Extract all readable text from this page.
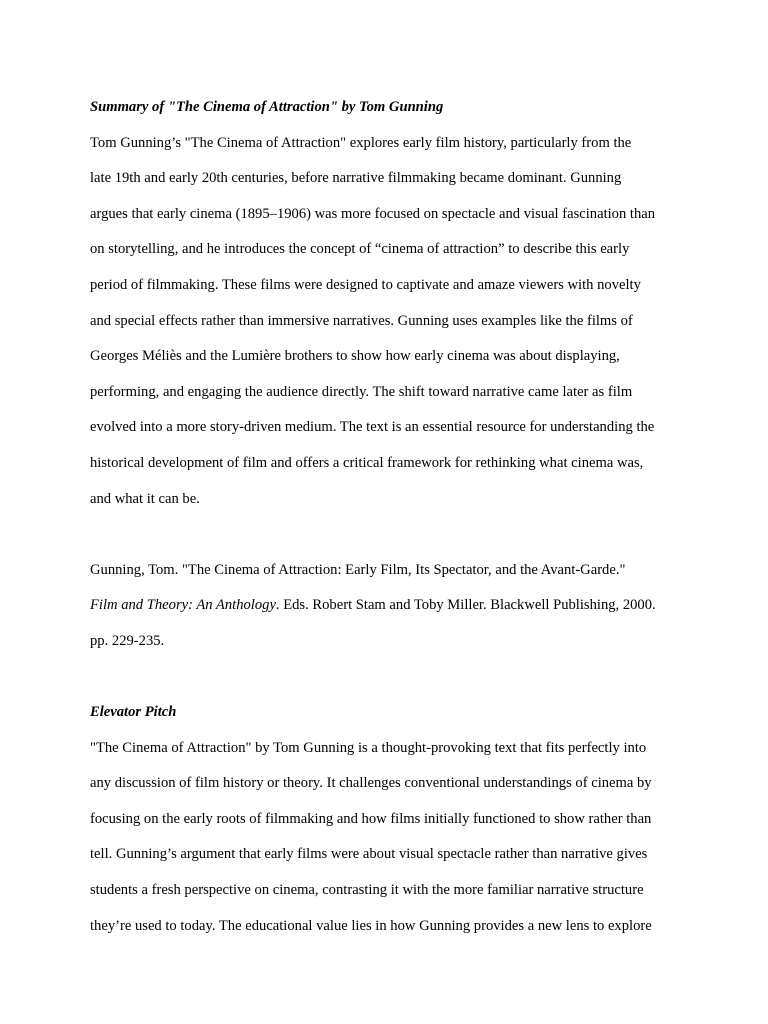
Summary of "The Cinema of Attraction" by Tom Gunning

Tom Gunning’s "The Cinema of Attraction" explores early film history, particularly from the
late 19th and early 20th centuries, before narrative filmmaking became dominant. Gunning
argues that early cinema (1895–1906) was more focused on spectacle and visual fascination than
on storytelling, and he introduces the concept of “cinema of attraction” to describe this early
period of filmmaking. These films were designed to captivate and amaze viewers with novelty
and special effects rather than immersive narratives. Gunning uses examples like the films of
Georges Méliès and the Lumière brothers to show how early cinema was about displaying,
performing, and engaging the audience directly. The shift toward narrative came later as film
evolved into a more story-driven medium. The text is an essential resource for understanding the
historical development of film and offers a critical framework for rethinking what cinema was,
and what it can be.
Gunning, Tom. "The Cinema of Attraction: Early Film, Its Spectator, and the Avant-Garde."
Film and Theory: An Anthology. Eds. Robert Stam and Toby Miller. Blackwell Publishing, 2000.
pp. 229-235.

Elevator Pitch

"The Cinema of Attraction" by Tom Gunning is a thought-provoking text that fits perfectly into
any discussion of film history or theory. It challenges conventional understandings of cinema by
focusing on the early roots of filmmaking and how films initially functioned to show rather than
tell. Gunning’s argument that early films were about visual spectacle rather than narrative gives
students a fresh perspective on cinema, contrasting it with the more familiar narrative structure
they’re used to today. The educational value lies in how Gunning provides a new lens to explore
